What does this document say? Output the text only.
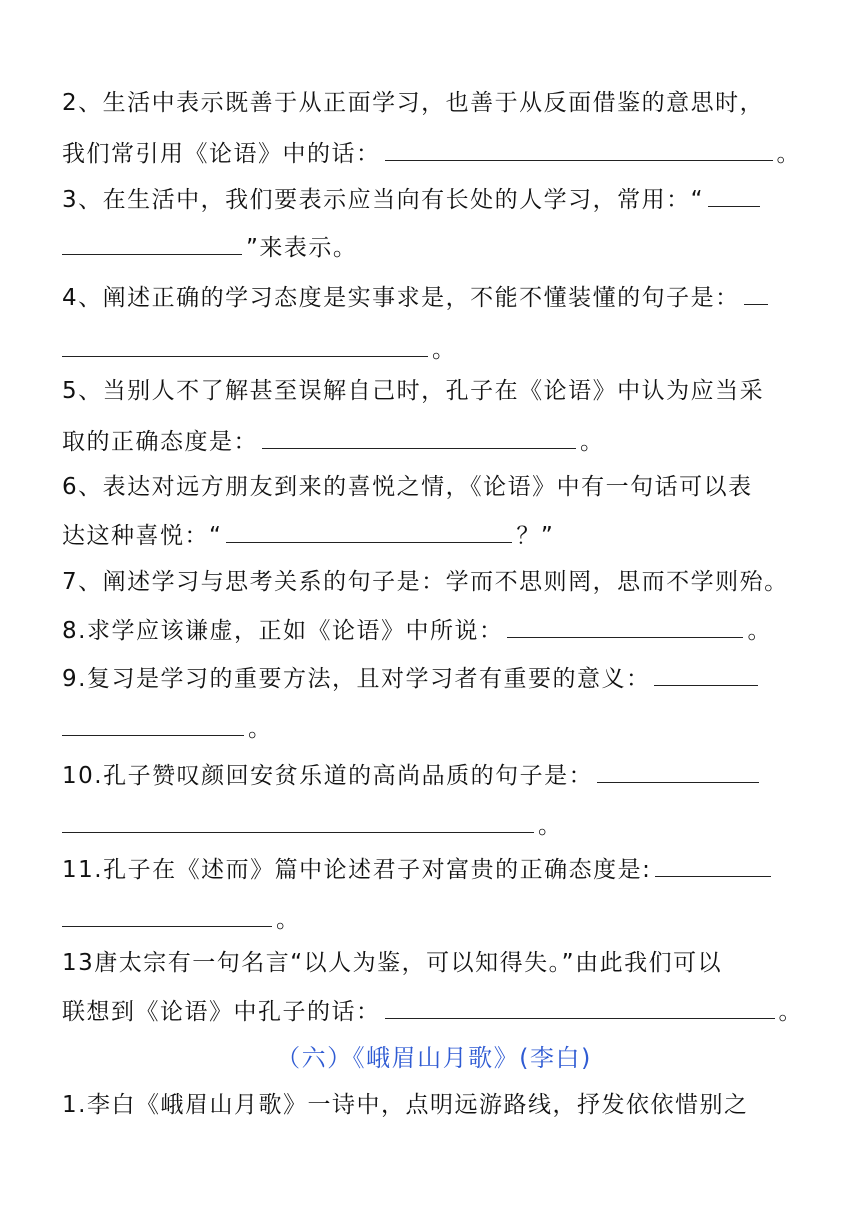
2、生活中表示既善于从正面学习，也善于从反面借鉴的意思时，
我们常引用《论语》中的话：	。
3、在生活中，我们要表示应当向有长处的人学习，常用：“
”来表示。
4、阐述正确的学习态度是实事求是，不能不懂装懂的句子是：
。
5、当别人不了解甚至误解自己时，孔子在《论语》中认为应当采
取的正确态度是：	。
6、表达对远方朋友到来的喜悦之情，《论语》中有一句话可以表
达这种喜悦：“	？”
7、阐述学习与思考关系的句子是：学而不思则罔，思而不学则殆。
8.求学应该谦虚，正如《论语》中所说：	。
9.复习是学习的重要方法，且对学习者有重要的意义：
。
10.孔子赞叹颜回安贫乐道的高尚品质的句子是：
。
11.孔子在《述而》篇中论述君子对富贵的正确态度是:
。
13唐太宗有一句名言“以人为鉴，可以知得失。”由此我们可以
联想到《论语》中孔子的话：	。
（六）《峨眉山月歌》(李白)
1.李白《峨眉山月歌》一诗中，点明远游路线，抒发依依惜别之
